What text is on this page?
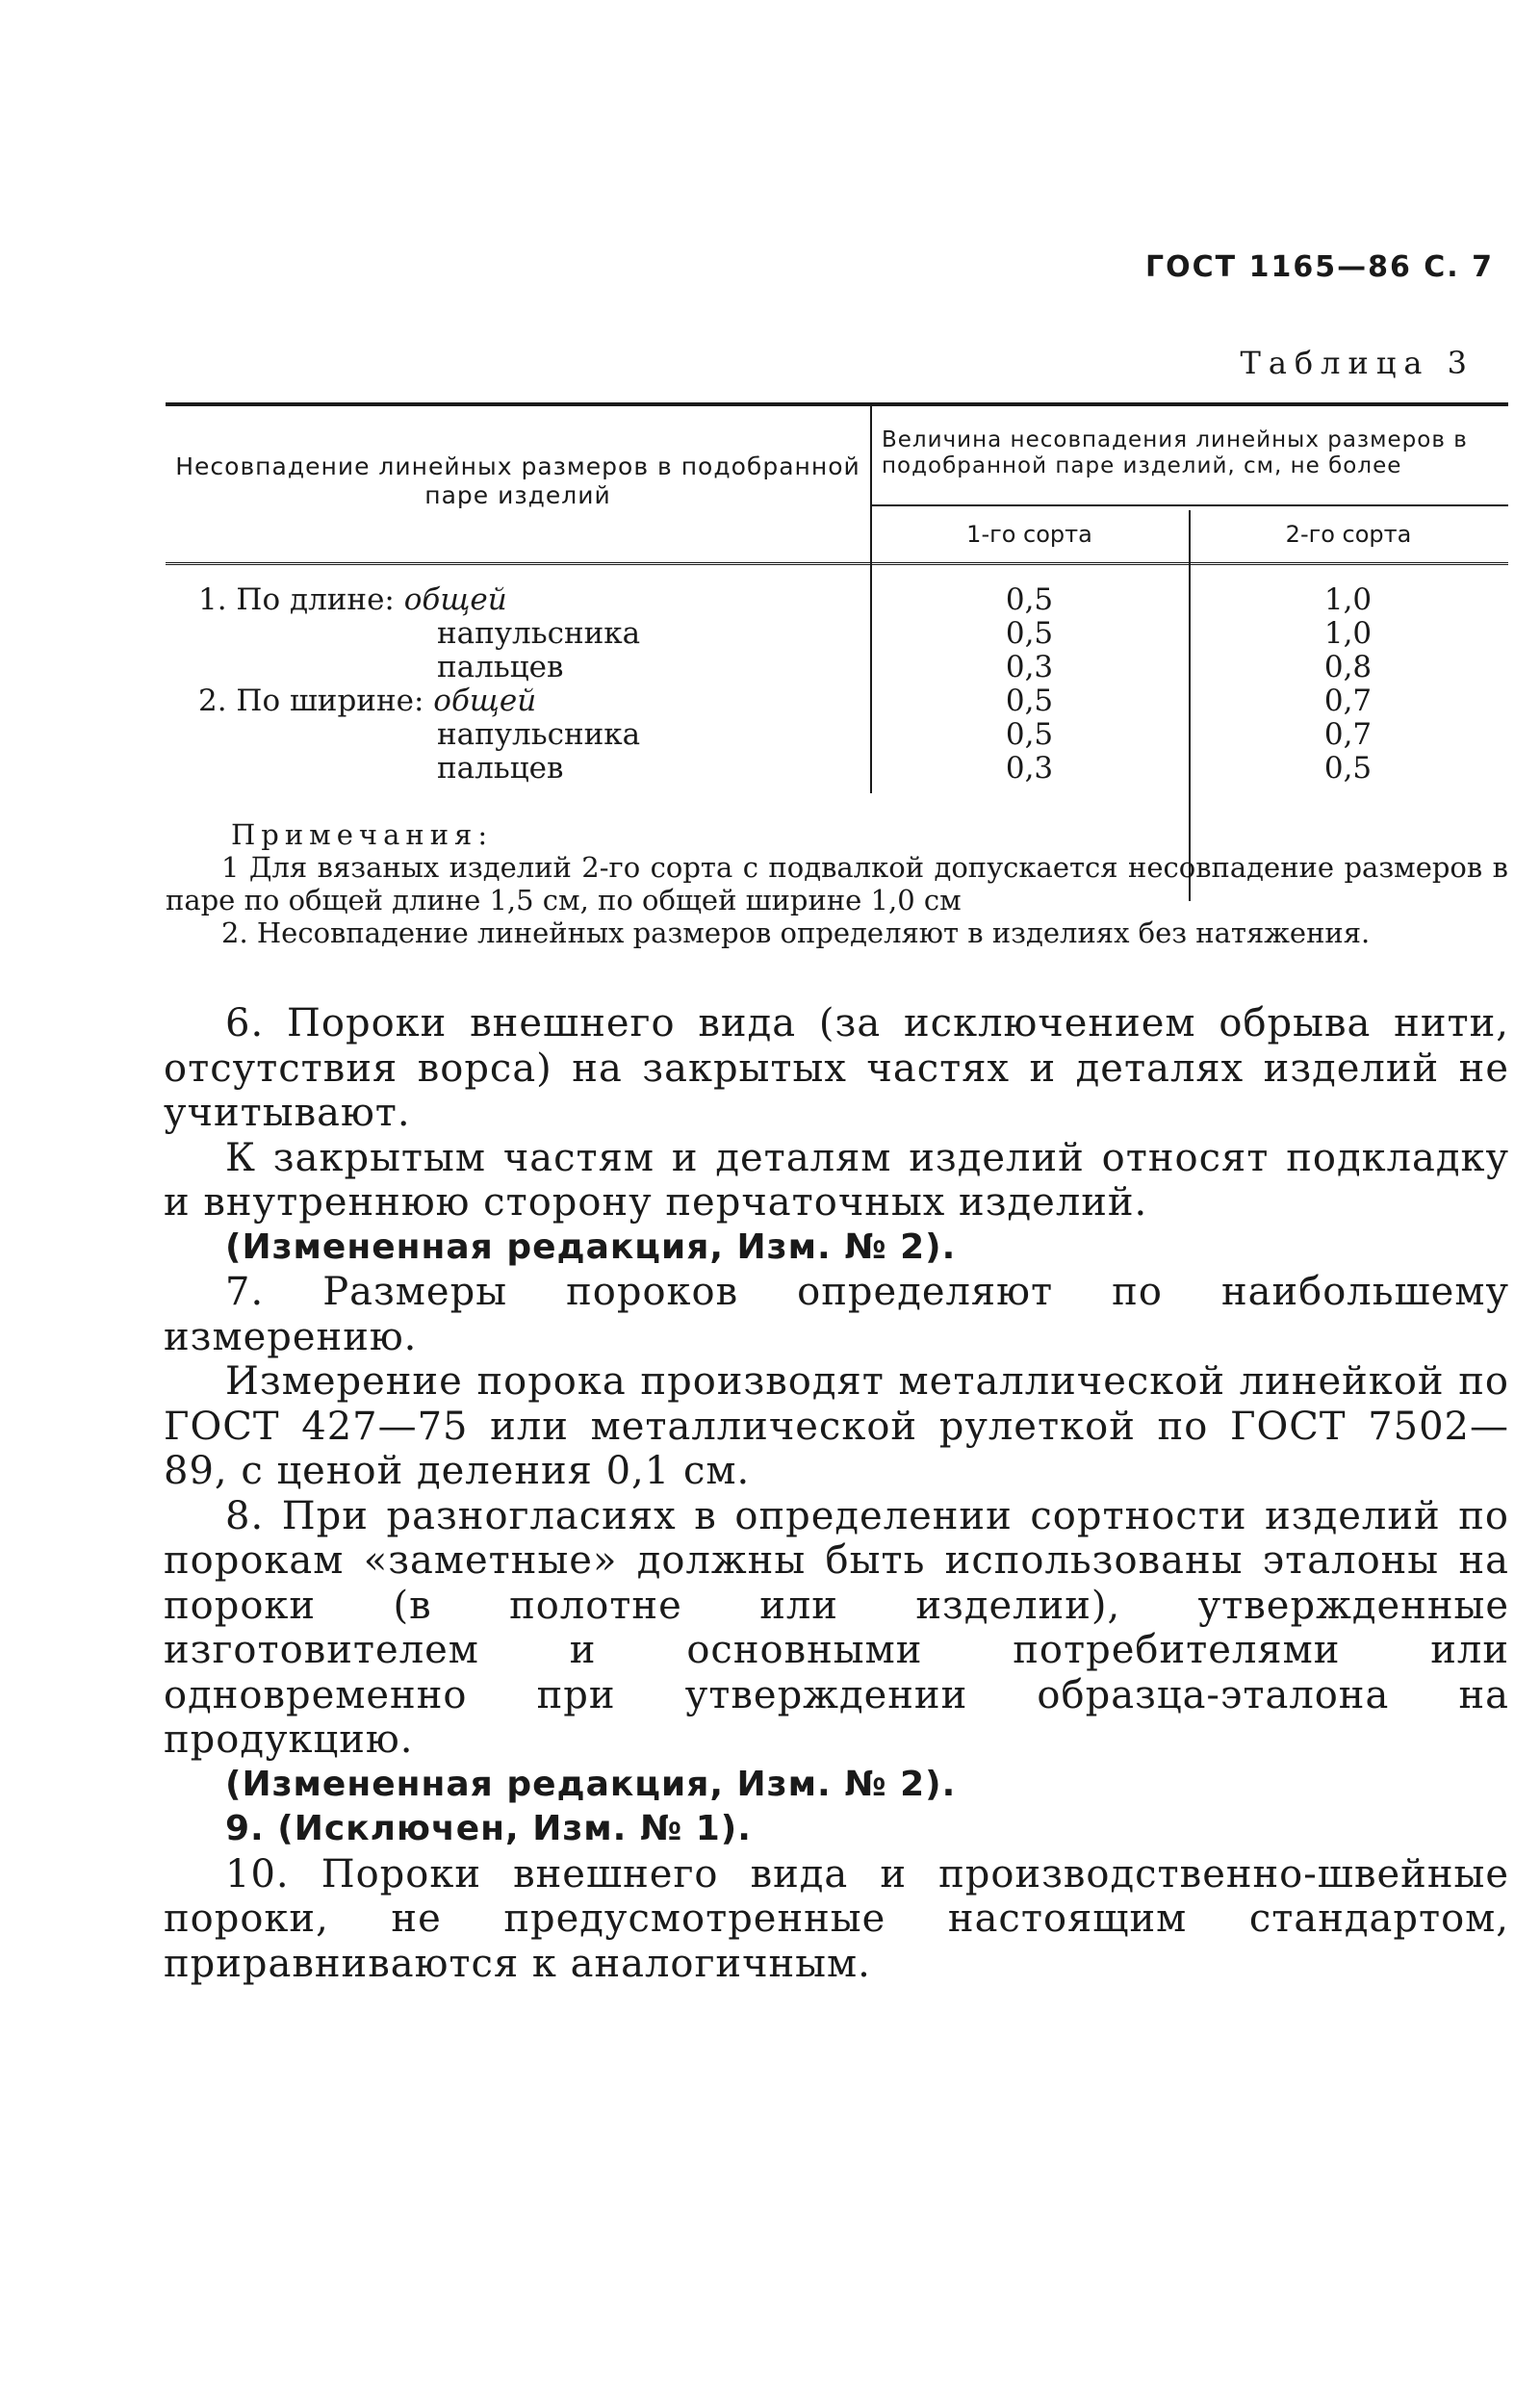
ГОСТ 1165—86 С. 7
Таблица 3
Несовпадение линейных размеров в подобранной паре изделий
Величина несовпадения линейных размеров в подобранной паре изделий, см, не более
1-го сорта	2-го сорта
1. По длине: общей	0,5	1,0
напульсника	0,5	1,0
пальцев	0,3	0,8
2. По ширине: общей	0,5	0,7
напульсника	0,5	0,7
пальцев	0,3	0,5
Примечания:

1 Для вязаных изделий 2-го сорта с подвалкой допускается несовпадение размеров в паре по общей длине 1,5 см, по общей ширине 1,0 см

2. Несовпадение линейных размеров определяют в изделиях без натяжения.

6. Пороки внешнего вида (за исключением обрыва нити, отсутствия ворса) на закрытых частях и деталях изделий не учитывают.

К закрытым частям и деталям изделий относят подкладку и внутреннюю сторону перчаточных изделий.

(Измененная редакция, Изм. № 2).

7. Размеры пороков определяют по наибольшему измерению.

Измерение порока производят металлической линейкой по ГОСТ 427—75 или металлической рулеткой по ГОСТ 7502—89, с ценой деления 0,1 см.

8. При разногласиях в определении сортности изделий по порокам «заметные» должны быть использованы эталоны на пороки (в полотне или изделии), утвержденные изготовителем и основными потребителями или одновременно при утверждении образца-эталона на продукцию.

(Измененная редакция, Изм. № 2).

9. (Исключен, Изм. № 1).

10. Пороки внешнего вида и производственно-швейные пороки, не предусмотренные настоящим стандартом, приравниваются к аналогичным.
